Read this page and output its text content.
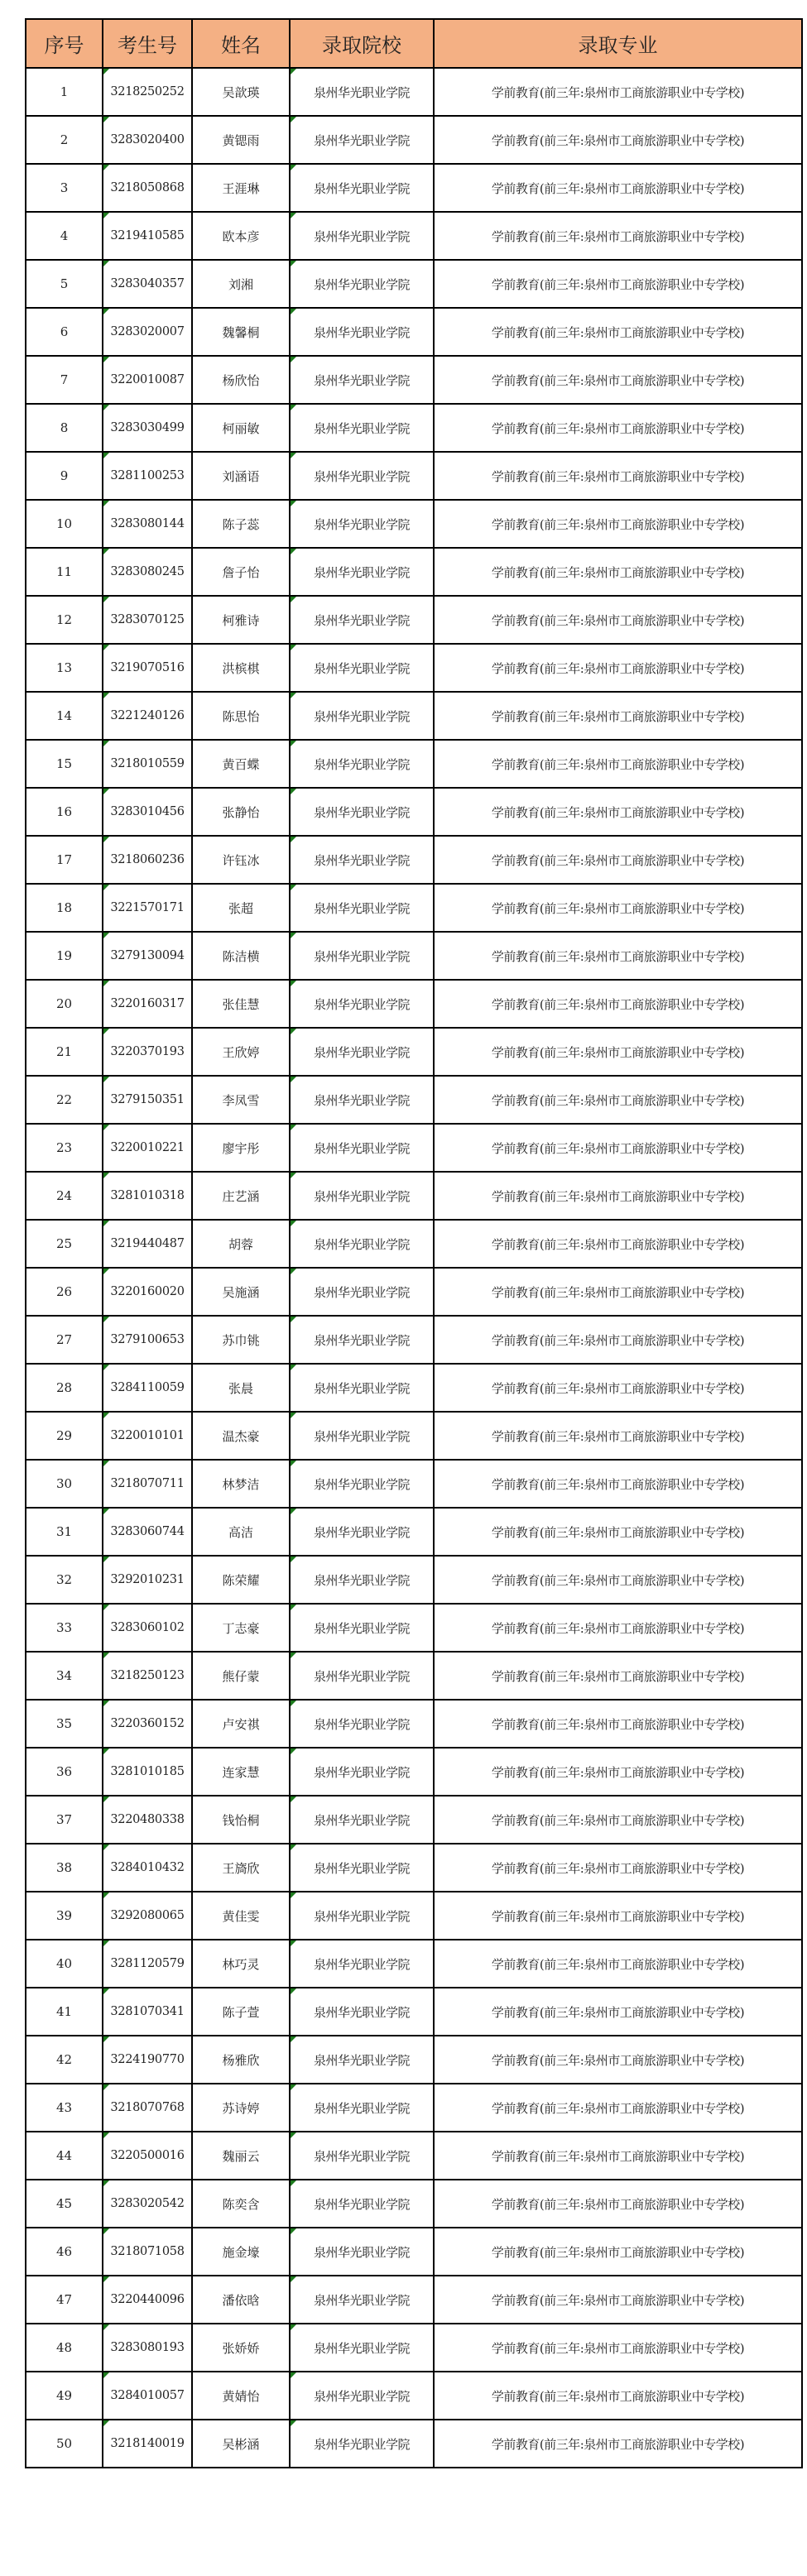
序号	考生号	姓名	录取院校	录取专业
1	3218250252	吴歆瑛	泉州华光职业学院	学前教育(前三年:泉州市工商旅游职业中专学校)
2	3283020400	黄锶雨	泉州华光职业学院	学前教育(前三年:泉州市工商旅游职业中专学校)
3	3218050868	王涯琳	泉州华光职业学院	学前教育(前三年:泉州市工商旅游职业中专学校)
4	3219410585	欧本彦	泉州华光职业学院	学前教育(前三年:泉州市工商旅游职业中专学校)
5	3283040357	刘湘	泉州华光职业学院	学前教育(前三年:泉州市工商旅游职业中专学校)
6	3283020007	魏馨桐	泉州华光职业学院	学前教育(前三年:泉州市工商旅游职业中专学校)
7	3220010087	杨欣怡	泉州华光职业学院	学前教育(前三年:泉州市工商旅游职业中专学校)
8	3283030499	柯丽敏	泉州华光职业学院	学前教育(前三年:泉州市工商旅游职业中专学校)
9	3281100253	刘涵语	泉州华光职业学院	学前教育(前三年:泉州市工商旅游职业中专学校)
10	3283080144	陈子蕊	泉州华光职业学院	学前教育(前三年:泉州市工商旅游职业中专学校)
11	3283080245	詹子怡	泉州华光职业学院	学前教育(前三年:泉州市工商旅游职业中专学校)
12	3283070125	柯雅诗	泉州华光职业学院	学前教育(前三年:泉州市工商旅游职业中专学校)
13	3219070516	洪槟棋	泉州华光职业学院	学前教育(前三年:泉州市工商旅游职业中专学校)
14	3221240126	陈思怡	泉州华光职业学院	学前教育(前三年:泉州市工商旅游职业中专学校)
15	3218010559	黄百蝶	泉州华光职业学院	学前教育(前三年:泉州市工商旅游职业中专学校)
16	3283010456	张静怡	泉州华光职业学院	学前教育(前三年:泉州市工商旅游职业中专学校)
17	3218060236	许钰冰	泉州华光职业学院	学前教育(前三年:泉州市工商旅游职业中专学校)
18	3221570171	张超	泉州华光职业学院	学前教育(前三年:泉州市工商旅游职业中专学校)
19	3279130094	陈洁横	泉州华光职业学院	学前教育(前三年:泉州市工商旅游职业中专学校)
20	3220160317	张佳慧	泉州华光职业学院	学前教育(前三年:泉州市工商旅游职业中专学校)
21	3220370193	王欣婷	泉州华光职业学院	学前教育(前三年:泉州市工商旅游职业中专学校)
22	3279150351	李凤雪	泉州华光职业学院	学前教育(前三年:泉州市工商旅游职业中专学校)
23	3220010221	廖宇彤	泉州华光职业学院	学前教育(前三年:泉州市工商旅游职业中专学校)
24	3281010318	庄艺涵	泉州华光职业学院	学前教育(前三年:泉州市工商旅游职业中专学校)
25	3219440487	胡蓉	泉州华光职业学院	学前教育(前三年:泉州市工商旅游职业中专学校)
26	3220160020	吴施涵	泉州华光职业学院	学前教育(前三年:泉州市工商旅游职业中专学校)
27	3279100653	苏巾铫	泉州华光职业学院	学前教育(前三年:泉州市工商旅游职业中专学校)
28	3284110059	张晨	泉州华光职业学院	学前教育(前三年:泉州市工商旅游职业中专学校)
29	3220010101	温杰豪	泉州华光职业学院	学前教育(前三年:泉州市工商旅游职业中专学校)
30	3218070711	林梦洁	泉州华光职业学院	学前教育(前三年:泉州市工商旅游职业中专学校)
31	3283060744	高洁	泉州华光职业学院	学前教育(前三年:泉州市工商旅游职业中专学校)
32	3292010231	陈荣耀	泉州华光职业学院	学前教育(前三年:泉州市工商旅游职业中专学校)
33	3283060102	丁志豪	泉州华光职业学院	学前教育(前三年:泉州市工商旅游职业中专学校)
34	3218250123	熊仔蒙	泉州华光职业学院	学前教育(前三年:泉州市工商旅游职业中专学校)
35	3220360152	卢安祺	泉州华光职业学院	学前教育(前三年:泉州市工商旅游职业中专学校)
36	3281010185	连家慧	泉州华光职业学院	学前教育(前三年:泉州市工商旅游职业中专学校)
37	3220480338	钱怡桐	泉州华光职业学院	学前教育(前三年:泉州市工商旅游职业中专学校)
38	3284010432	王旖欣	泉州华光职业学院	学前教育(前三年:泉州市工商旅游职业中专学校)
39	3292080065	黄佳雯	泉州华光职业学院	学前教育(前三年:泉州市工商旅游职业中专学校)
40	3281120579	林巧灵	泉州华光职业学院	学前教育(前三年:泉州市工商旅游职业中专学校)
41	3281070341	陈子萱	泉州华光职业学院	学前教育(前三年:泉州市工商旅游职业中专学校)
42	3224190770	杨雅欣	泉州华光职业学院	学前教育(前三年:泉州市工商旅游职业中专学校)
43	3218070768	苏诗婷	泉州华光职业学院	学前教育(前三年:泉州市工商旅游职业中专学校)
44	3220500016	魏丽云	泉州华光职业学院	学前教育(前三年:泉州市工商旅游职业中专学校)
45	3283020542	陈奕含	泉州华光职业学院	学前教育(前三年:泉州市工商旅游职业中专学校)
46	3218071058	施金壕	泉州华光职业学院	学前教育(前三年:泉州市工商旅游职业中专学校)
47	3220440096	潘依晗	泉州华光职业学院	学前教育(前三年:泉州市工商旅游职业中专学校)
48	3283080193	张娇娇	泉州华光职业学院	学前教育(前三年:泉州市工商旅游职业中专学校)
49	3284010057	黄婧怡	泉州华光职业学院	学前教育(前三年:泉州市工商旅游职业中专学校)
50	3218140019	吴彬涵	泉州华光职业学院	学前教育(前三年:泉州市工商旅游职业中专学校)
